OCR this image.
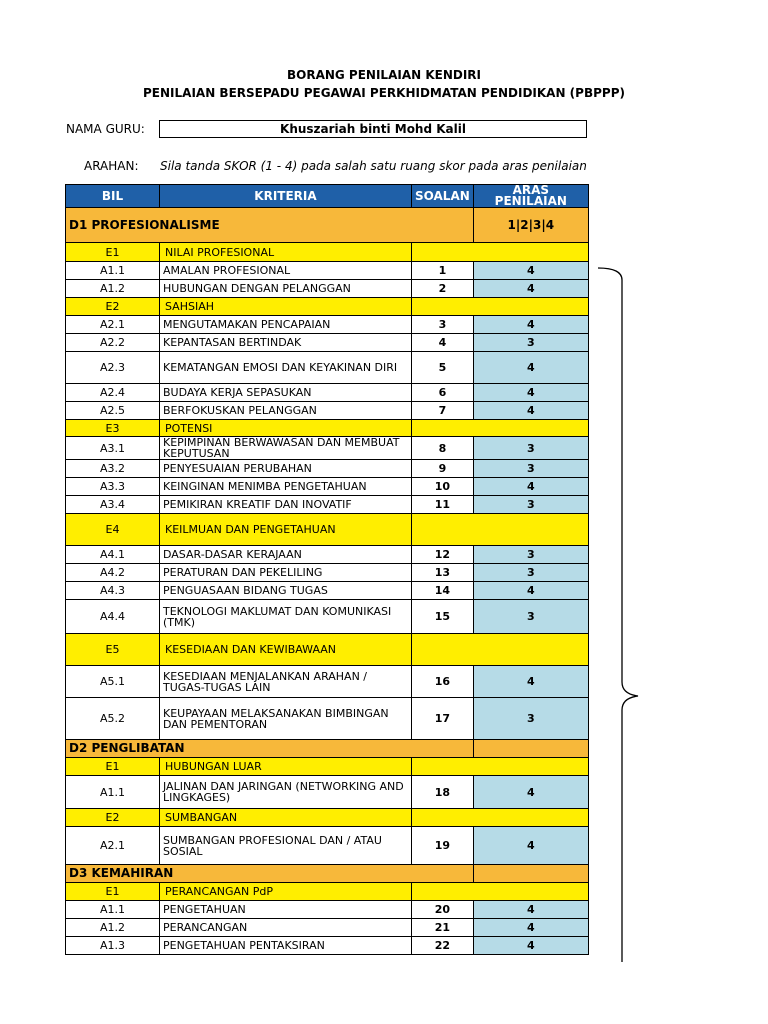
BORANG PENILAIAN KENDIRI
PENILAIAN BERSEPADU PEGAWAI PERKHIDMATAN PENDIDIKAN (PBPPP)
NAMA GURU:	Khuszariah binti Mohd Kalil
ARAHAN: Sila tanda SKOR (1 - 4) pada salah satu ruang skor pada aras penilaian
BIL	KRITERIA	SOALAN	ARAS PENILAIAN
D1 PROFESIONALISME			1|2|3|4
E1	NILAI PROFESIONAL		
A1.1	AMALAN PROFESIONAL	1	4
A1.2	HUBUNGAN DENGAN PELANGGAN	2	4
E2	SAHSIAH		
A2.1	MENGUTAMAKAN PENCAPAIAN	3	4
A2.2	KEPANTASAN BERTINDAK	4	3
A2.3	KEMATANGAN EMOSI DAN KEYAKINAN DIRI	5	4
A2.4	BUDAYA KERJA SEPASUKAN	6	4
A2.5	BERFOKUSKAN PELANGGAN	7	4
E3	POTENSI		
A3.1	KEPIMPINAN BERWAWASAN DAN MEMBUAT KEPUTUSAN	8	3
A3.2	PENYESUAIAN PERUBAHAN	9	3
A3.3	KEINGINAN MENIMBA PENGETAHUAN	10	4
A3.4	PEMIKIRAN KREATIF DAN INOVATIF	11	3
E4	KEILMUAN DAN PENGETAHUAN		
A4.1	DASAR-DASAR KERAJAAN	12	3
A4.2	PERATURAN DAN PEKELILING	13	3
A4.3	PENGUASAAN BIDANG TUGAS	14	4
A4.4	TEKNOLOGI MAKLUMAT DAN KOMUNIKASI (TMK)	15	3
E5	KESEDIAAN DAN KEWIBAWAAN		
A5.1	KESEDIAAN MENJALANKAN ARAHAN / TUGAS-TUGAS LAIN	16	4
A5.2	KEUPAYAAN MELAKSANAKAN BIMBINGAN DAN PEMENTORAN	17	3
D2 PENGLIBATAN			
E1	HUBUNGAN LUAR		
A1.1	JALINAN DAN JARINGAN (NETWORKING AND LINGKAGES)	18	4
E2	SUMBANGAN		
A2.1	SUMBANGAN PROFESIONAL DAN / ATAU SOSIAL	19	4
D3 KEMAHIRAN			
E1	PERANCANGAN PdP		
A1.1	PENGETAHUAN	20	4
A1.2	PERANCANGAN	21	4
A1.3	PENGETAHUAN PENTAKSIRAN	22	4
